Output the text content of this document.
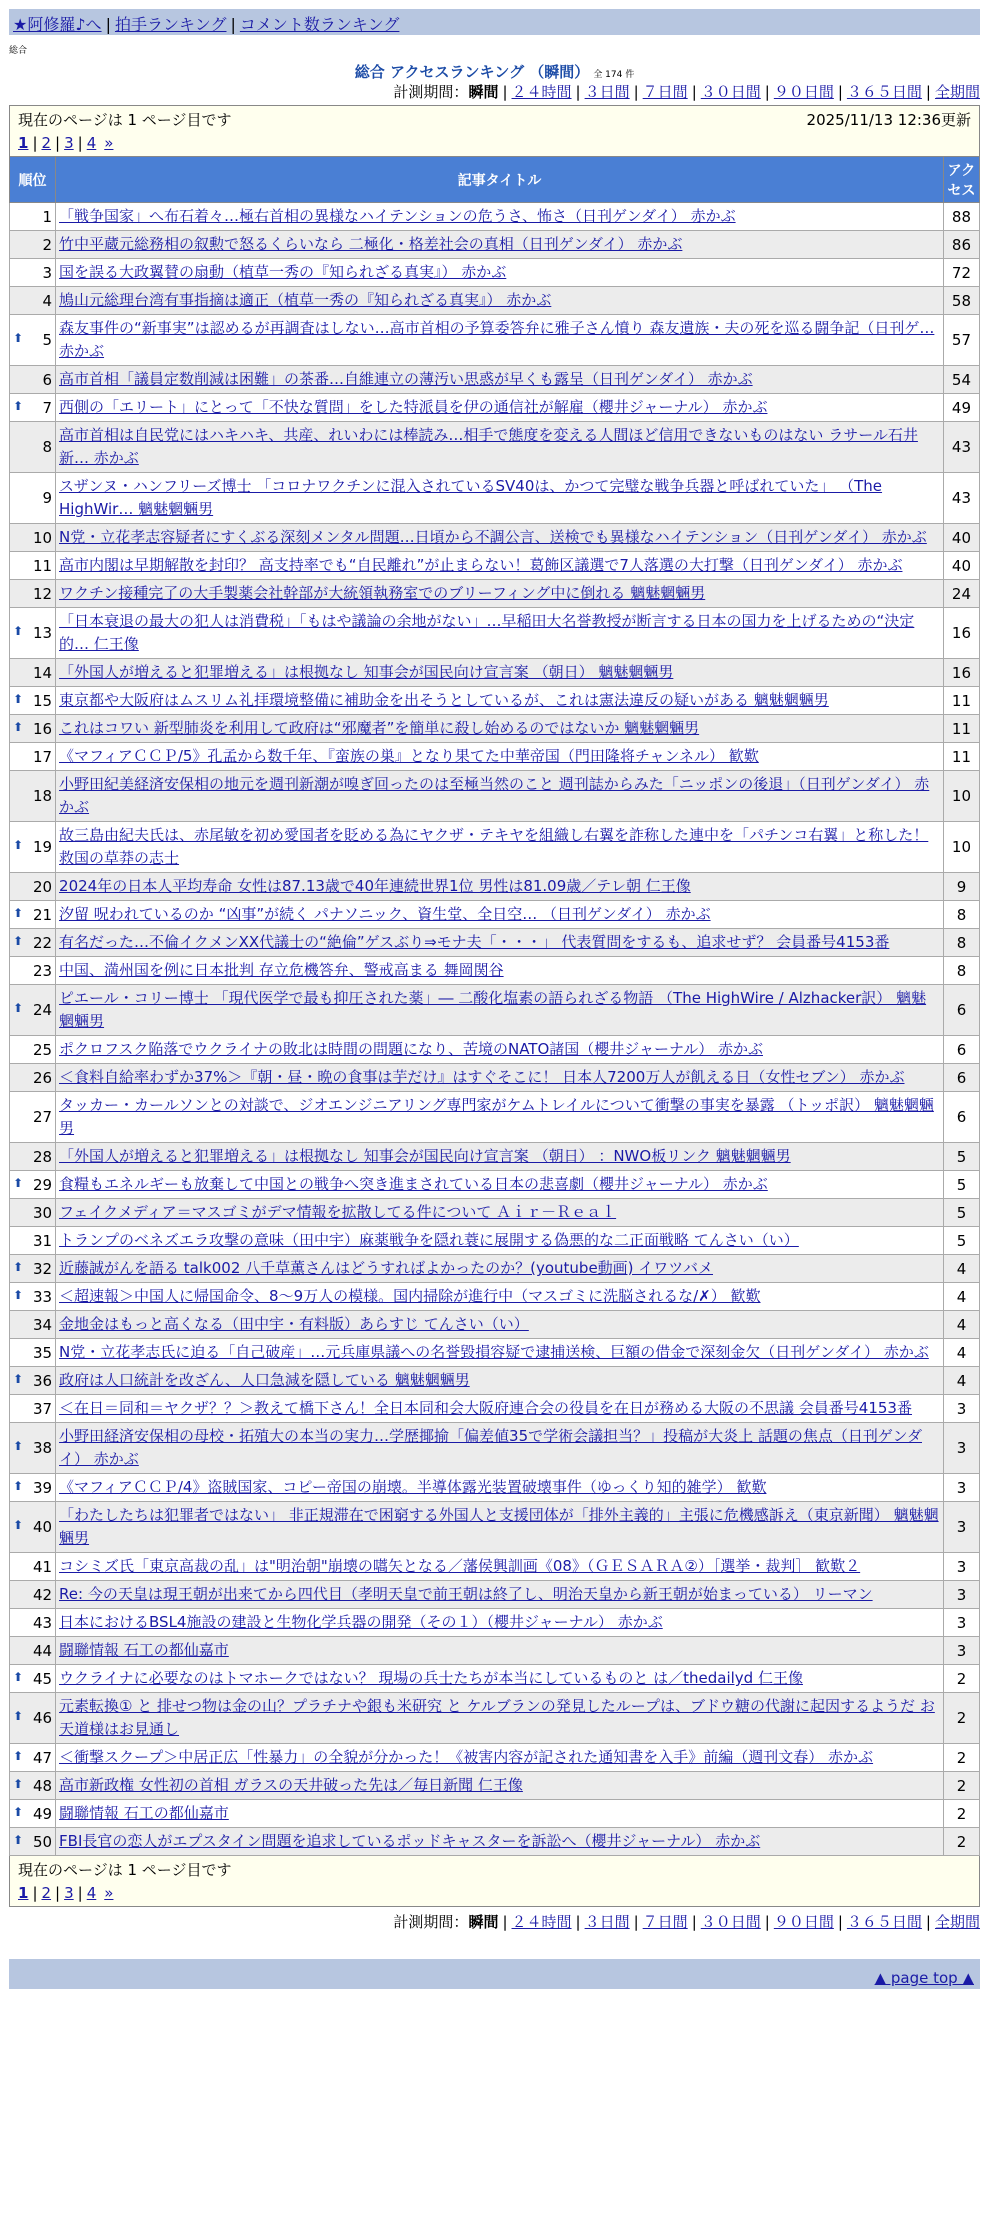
★阿修羅♪へ | 拍手ランキング | コメント数ランキング
総合
総合 アクセスランキング （瞬間） 全 174 件
計測期間：瞬間 | ２４時間 | ３日間 | ７日間 | ３０日間 | ９０日間 | ３６５日間 | 全期間
現在のページは 1 ページ目です 2025/11/13 12:36更新
1 | 2 | 3 | 4 »		

順位	記事タイトル	アクセス
1	「戦争国家」へ布石着々…極右首相の異様なハイテンションの危うさ、怖さ（日刊ゲンダイ） 赤かぶ	88
2	竹中平蔵元総務相の叙勲で怒るくらいなら 二極化・格差社会の真相（日刊ゲンダイ） 赤かぶ	86
3	国を誤る大政翼賛の扇動（植草一秀の『知られざる真実』） 赤かぶ	72
4	鳩山元総理台湾有事指摘は適正（植草一秀の『知られざる真実』） 赤かぶ	58

⬆ 5	森友事件の“新事実”は認めるが再調査はしない…高市首相の予算委答弁に雅子さん憤り 森友遺族・夫の死を巡る闘争記（日刊ゲ… 赤かぶ	57
6	高市首相「議員定数削減は困難」の茶番…自維連立の薄汚い思惑が早くも露呈（日刊ゲンダイ） 赤かぶ	54

⬆ 7	西側の「エリート」にとって「不快な質問」をした特派員を伊の通信社が解雇（櫻井ジャーナル） 赤かぶ	49
8	高市首相は自民党にはハキハキ、共産、れいわには棒読み…相手で態度を変える人間ほど信用できないものはない ラサール石井 新… 赤かぶ	43
9	スザンヌ・ハンフリーズ博士 「コロナワクチンに混入されているSV40は、かつて完璧な戦争兵器と呼ばれていた」 （The HighWir… 魑魅魍魎男	43
10	N党・立花孝志容疑者にすくぶる深刻メンタル問題…日頃から不調公言、送検でも異様なハイテンション（日刊ゲンダイ） 赤かぶ	40
11	高市内閣は早期解散を封印？ 高支持率でも“自民離れ”が止まらない！葛飾区議選で7人落選の大打撃（日刊ゲンダイ） 赤かぶ	40
12	ワクチン接種完了の大手製薬会社幹部が大統領執務室でのブリーフィング中に倒れる 魑魅魍魎男	24

⬆ 13	「日本衰退の最大の犯人は消費税」「もはや議論の余地がない」…早稲田大名誉教授が断言する日本の国力を上げるための“決定的… 仁王像	16
14	「外国人が増えると犯罪増える」は根拠なし 知事会が国民向け宣言案 （朝日） 魑魅魍魎男	16

⬆ 15	東京都や大阪府はムスリム礼拝環境整備に補助金を出そうとしているが、これは憲法違反の疑いがある 魑魅魍魎男	11

⬆ 16	これはコワい 新型肺炎を利用して政府は“邪魔者”を簡単に殺し始めるのではないか 魑魅魍魎男	11
17	《マフィアＣＣＰ/5》孔孟から数千年、『蛮族の巣』となり果てた中華帝国（門田隆将チャンネル） 歓歎	11
18	小野田紀美経済安保相の地元を週刊新潮が嗅ぎ回ったのは至極当然のこと 週刊誌からみた「ニッポンの後退」（日刊ゲンダイ） 赤かぶ	10

⬆ 19	故三島由紀夫氏は、赤尾敏を初め愛国者を貶める為にヤクザ・テキヤを組織し右翼を詐称した連中を「パチンコ右翼」と称した！ 救国の草莽の志士	10
20	2024年の日本人平均寿命 女性は87.13歳で40年連続世界1位 男性は81.09歳／テレ朝 仁王像	9

⬆ 21	汐留 呪われているのか “凶事”が続く パナソニック、資生堂、全日空… （日刊ゲンダイ） 赤かぶ	8

⬆ 22	有名だった…不倫イクメンXX代議士の“絶倫”ゲスぶり⇒モナ夫「・・・」 代表質問をするも、追求せず？ 会員番号4153番	8
23	中国、満州国を例に日本批判 存立危機答弁、警戒高まる 舞岡関谷	8

⬆ 24	ピエール・コリー博士 「現代医学で最も抑圧された薬」― 二酸化塩素の語られざる物語 （The HighWire / Alzhacker訳） 魑魅魍魎男	6
25	ポクロフスク陥落でウクライナの敗北は時間の問題になり、苦境のNATO諸国（櫻井ジャーナル） 赤かぶ	6
26	＜食料自給率わずか37%＞『朝・昼・晩の食事は芋だけ』はすぐそこに！ 日本人7200万人が飢える日（女性セブン） 赤かぶ	6
27	タッカー・カールソンとの対談で、ジオエンジニアリング専門家がケムトレイルについて衝撃の事実を暴露 （トッポ訳） 魑魅魍魎男	6
28	「外国人が増えると犯罪増える」は根拠なし 知事会が国民向け宣言案 （朝日） ：NWO板リンク 魑魅魍魎男	5

⬆ 29	食糧もエネルギーも放棄して中国との戦争へ突き進まされている日本の悲喜劇（櫻井ジャーナル） 赤かぶ	5
30	フェイクメディア＝マスゴミがデマ情報を拡散してる件について Ａｉｒ－Ｒｅａｌ	5
31	トランプのベネズエラ攻撃の意味（田中宇）麻薬戦争を隠れ蓑に展開する偽悪的な二正面戦略 てんさい（い）	5

⬆ 32	近藤誠がんを語る talk002 八千草薫さんはどうすればよかったのか？(youtube動画) イワツバメ	4

⬆ 33	＜超速報＞中国人に帰国命令、8〜9万人の模様。国内掃除が進行中（マスゴミに洗脳されるな/✗） 歓歎	4
34	金地金はもっと高くなる（田中宇・有料版）あらすじ てんさい（い）	4
35	N党・立花孝志氏に迫る「自己破産」…元兵庫県議への名誉毀損容疑で逮捕送検、巨額の借金で深刻金欠（日刊ゲンダイ） 赤かぶ	4

⬆ 36	政府は人口統計を改ざん、人口急減を隠している 魑魅魍魎男	4
37	＜在日＝同和＝ヤクザ？？＞教えて橋下さん！全日本同和会大阪府連合会の役員を在日が務める大阪の不思議 会員番号4153番	3

⬆ 38	小野田経済安保相の母校・拓殖大の本当の実力…学歴揶揄「偏差値35で学術会議担当？」投稿が大炎上 話題の焦点（日刊ゲンダイ） 赤かぶ	3

⬆ 39	《マフィアＣＣＰ/4》盗賊国家、コピー帝国の崩壊。半導体露光装置破壊事件（ゆっくり知的雑学） 歓歎	3

⬆ 40	「わたしたちは犯罪者ではない」 非正規滞在で困窮する外国人と支援団体が「排外主義的」主張に危機感訴え（東京新聞） 魑魅魍魎男	3
41	コシミズ氏「東京高裁の乱」は"明治朝"崩壊の嚆矢となる／藩侯興訓画《08》（ＧＥＳＡＲＡ②）［選挙・裁判］ 歓歎２	3
42	Re: 今の天皇は現王朝が出来てから四代目（孝明天皇で前王朝は終了し、明治天皇から新王朝が始まっている） リーマン	3
43	日本におけるBSL4施設の建設と生物化学兵器の開発（その１）（櫻井ジャーナル） 赤かぶ	3
44	闘聯情報 石工の都仙嘉市	3

⬆ 45	ウクライナに必要なのはトマホークではない？ 現場の兵士たちが本当にしているものと は／thedailyd 仁王像	2

⬆ 46	元素転換① と 排せつ物は金の山？プラチナや銀も米研究 と ケルブランの発見したループは、ブドウ糖の代謝に起因するようだ お天道様はお見通し	2

⬆ 47	＜衝撃スクープ＞中居正広「性暴力」の全貌が分かった！《被害内容が記された通知書を入手》前編（週刊文春） 赤かぶ	2

⬆ 48	高市新政権 女性初の首相 ガラスの天井破った先は／毎日新聞 仁王像	2

⬆ 49	闘聯情報 石工の都仙嘉市	2

⬆ 50	FBI長官の恋人がエプスタイン問題を追求しているポッドキャスターを訴訟へ（櫻井ジャーナル） 赤かぶ	2

現在のページは 1 ページ目です
1 | 2 | 3 | 4 »		
計測期間：瞬間 | ２４時間 | ３日間 | ７日間 | ３０日間 | ９０日間 | ３６５日間 | 全期間
▲ page top ▲
